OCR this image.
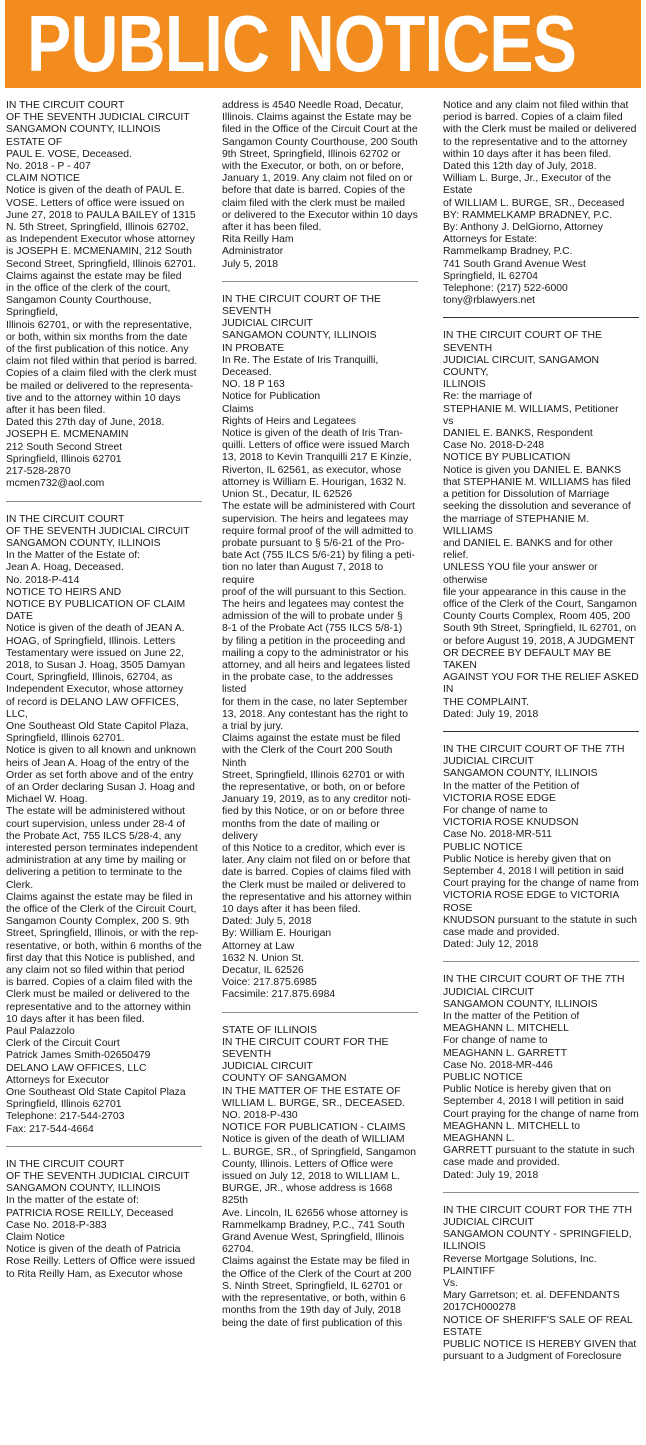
PUBLIC NOTICES

IN THE CIRCUIT COURT

OF THE SEVENTH JUDICIAL CIRCUIT

SANGAMON COUNTY, ILLINOIS

ESTATE OF

PAUL E. VOSE, Deceased.

No. 2018 - P - 407

CLAIM NOTICE

Notice is given of the death of PAUL E.

VOSE. Letters of office were issued on

June 27, 2018 to PAULA BAILEY of 1315

N. 5th Street, Springfield, Illinois 62702,

as Independent Executor whose attorney

is JOSEPH E. MCMENAMIN, 212 South

Second Street, Springfield, Illinois 62701.

Claims against the estate may be filed

in the office of the clerk of the court,

Sangamon County Courthouse, Springfield,

Illinois 62701, or with the representative,

or both, within six months from the date

of the first publication of this notice. Any

claim not filed within that period is barred.

Copies of a claim filed with the clerk must

be mailed or delivered to the representa-

tive and to the attorney within 10 days

after it has been filed.

Dated this 27th day of June, 2018.

JOSEPH E. MCMENAMIN

212 South Second Street

Springfield, Illinois 62701

217-528-2870

mcmen732@aol.com

IN THE CIRCUIT COURT

OF THE SEVENTH JUDICIAL CIRCUIT

SANGAMON COUNTY, ILLINOIS

In the Matter of the Estate of:

Jean A. Hoag, Deceased.

No. 2018-P-414

NOTICE TO HEIRS AND

NOTICE BY PUBLICATION OF CLAIM DATE

Notice is given of the death of JEAN A.

HOAG, of Springfield, Illinois. Letters

Testamentary were issued on June 22,

2018, to Susan J. Hoag, 3505 Damyan

Court, Springfield, Illinois, 62704, as

Independent Executor, whose attorney

of record is DELANO LAW OFFICES, LLC,

One Southeast Old State Capitol Plaza,

Springfield, Illinois 62701.

Notice is given to all known and unknown

heirs of Jean A. Hoag of the entry of the

Order as set forth above and of the entry

of an Order declaring Susan J. Hoag and

Michael W. Hoag.

The estate will be administered without

court supervision, unless under 28-4 of

the Probate Act, 755 ILCS 5/28-4, any

interested person terminates independent

administration at any time by mailing or

delivering a petition to terminate to the

Clerk.

Claims against the estate may be filed in

the office of the Clerk of the Circuit Court,

Sangamon County Complex, 200 S. 9th

Street, Springfield, Illinois, or with the rep-

resentative, or both, within 6 months of the

first day that this Notice is published, and

any claim not so filed within that period

is barred. Copies of a claim filed with the

Clerk must be mailed or delivered to the

representative and to the attorney within

10 days after it has been filed.

Paul Palazzolo

Clerk of the Circuit Court

Patrick James Smith-02650479

DELANO LAW OFFICES, LLC

Attorneys for Executor

One Southeast Old State Capitol Plaza

Springfield, Illinois 62701

Telephone: 217-544-2703

Fax: 217-544-4664

IN THE CIRCUIT COURT

OF THE SEVENTH JUDICIAL CIRCUIT

SANGAMON COUNTY, ILLINOIS

In the matter of the estate of:

PATRICIA ROSE REILLY, Deceased

Case No. 2018-P-383

Claim Notice

Notice is given of the death of Patricia

Rose Reilly. Letters of Office were issued

to Rita Reilly Ham, as Executor whose

address is 4540 Needle Road, Decatur,

Illinois. Claims against the Estate may be

filed in the Office of the Circuit Court at the

Sangamon County Courthouse, 200 South

9th Street, Springfield, Illinois 62702 or

with the Executor, or both, on or before,

January 1, 2019. Any claim not filed on or

before that date is barred. Copies of the

claim filed with the clerk must be mailed

or delivered to the Executor within 10 days

after it has been filed.

Rita Reilly Ham

Administrator

July 5, 2018

IN THE CIRCUIT COURT OF THE SEVENTH

JUDICIAL CIRCUIT

SANGAMON COUNTY, ILLINOIS

IN PROBATE

In Re. The Estate of Iris Tranquilli,

Deceased.

NO. 18 P 163

Notice for Publication

Claims

Rights of Heirs and Legatees

Notice is given of the death of Iris Tran-

quilli. Letters of office were issued March

13, 2018 to Kevin Tranquilli 217 E Kinzie,

Riverton, IL 62561, as executor, whose

attorney is William E. Hourigan, 1632 N.

Union St., Decatur, IL 62526

The estate will be administered with Court

supervision. The heirs and legatees may

require formal proof of the will admitted to

probate pursuant to § 5/6-21 of the Pro-

bate Act (755 ILCS 5/6-21) by filing a peti-

tion no later than August 7, 2018 to require

proof of the will pursuant to this Section.

The heirs and legatees may contest the

admission of the will to probate under §

8-1 of the Probate Act (755 ILCS 5/8-1)

by filing a petition in the proceeding and

mailing a copy to the administrator or his

attorney, and all heirs and legatees listed

in the probate case, to the addresses listed

for them in the case, no later September

13, 2018. Any contestant has the right to

a trial by jury.

Claims against the estate must be filed

with the Clerk of the Court 200 South Ninth

Street, Springfield, Illinois 62701 or with

the representative, or both, on or before

January 19, 2019, as to any creditor noti-

fied by this Notice, or on or before three

months from the date of mailing or delivery

of this Notice to a creditor, which ever is

later. Any claim not filed on or before that

date is barred. Copies of claims filed with

the Clerk must be mailed or delivered to

the representative and his attorney within

10 days after it has been filed.

Dated: July 5, 2018

By: William E. Hourigan

Attorney at Law

1632 N. Union St.

Decatur, IL 62526

Voice: 217.875.6985

Facsimile: 217.875.6984

STATE OF ILLINOIS

IN THE CIRCUIT COURT FOR THE SEVENTH

JUDICIAL CIRCUIT

COUNTY OF SANGAMON

IN THE MATTER OF THE ESTATE OF

WILLIAM L. BURGE, SR., DECEASED.

NO. 2018-P-430

NOTICE FOR PUBLICATION - CLAIMS

Notice is given of the death of WILLIAM

L. BURGE, SR., of Springfield, Sangamon

County, Illinois. Letters of Office were

issued on July 12, 2018 to WILLIAM L.

BURGE, JR., whose address is 1668 825th

Ave. Lincoln, IL 62656 whose attorney is

Rammelkamp Bradney, P.C., 741 South

Grand Avenue West, Springfield, Illinois

62704.

Claims against the Estate may be filed in

the Office of the Clerk of the Court at 200

S. Ninth Street, Springfield, IL 62701 or

with the representative, or both, within 6

months from the 19th day of July, 2018

being the date of first publication of this

Notice and any claim not filed within that

period is barred. Copies of a claim filed

with the Clerk must be mailed or delivered

to the representative and to the attorney

within 10 days after it has been filed.

Dated this 12th day of July, 2018.

William L. Burge, Jr., Executor of the Estate

of WILLIAM L. BURGE, SR., Deceased

BY: RAMMELKAMP BRADNEY, P.C.

By: Anthony J. DelGiorno, Attorney

Attorneys for Estate:

Rammelkamp Bradney, P.C.

741 South Grand Avenue West

Springfield, IL 62704

Telephone: (217) 522-6000

tony@rblawyers.net

IN THE CIRCUIT COURT OF THE SEVENTH

JUDICIAL CIRCUIT, SANGAMON COUNTY,

ILLINOIS

Re: the marriage of

STEPHANIE M. WILLIAMS, Petitioner

vs

DANIEL E. BANKS, Respondent

Case No. 2018-D-248

NOTICE BY PUBLICATION

Notice is given you DANIEL E. BANKS

that STEPHANIE M. WILLIAMS has filed

a petition for Dissolution of Marriage

seeking the dissolution and severance of

the marriage of STEPHANIE M. WILLIAMS

and DANIEL E. BANKS and for other relief.

UNLESS YOU file your answer or otherwise

file your appearance in this cause in the

office of the Clerk of the Court, Sangamon

County Courts Complex, Room 405, 200

South 9th Street, Springfield, IL 62701, on

or before August 19, 2018, A JUDGMENT

OR DECREE BY DEFAULT MAY BE TAKEN

AGAINST YOU FOR THE RELIEF ASKED IN

THE COMPLAINT.

Dated: July 19, 2018

IN THE CIRCUIT COURT OF THE 7TH

JUDICIAL CIRCUIT

SANGAMON COUNTY, ILLINOIS

In the matter of the Petition of

VICTORIA ROSE EDGE

For change of name to

VICTORIA ROSE KNUDSON

Case No. 2018-MR-511

PUBLIC NOTICE

Public Notice is hereby given that on

September 4, 2018 I will petition in said

Court praying for the change of name from

VICTORIA ROSE EDGE to VICTORIA ROSE

KNUDSON pursuant to the statute in such

case made and provided.

Dated: July 12, 2018

IN THE CIRCUIT COURT OF THE 7TH

JUDICIAL CIRCUIT

SANGAMON COUNTY, ILLINOIS

In the matter of the Petition of

MEAGHANN L. MITCHELL

For change of name to

MEAGHANN L. GARRETT

Case No. 2018-MR-446

PUBLIC NOTICE

Public Notice is hereby given that on

September 4, 2018 I will petition in said

Court praying for the change of name from

MEAGHANN L. MITCHELL to MEAGHANN L.

GARRETT pursuant to the statute in such

case made and provided.

Dated: July 19, 2018

IN THE CIRCUIT COURT FOR THE 7TH

JUDICIAL CIRCUIT

SANGAMON COUNTY - SPRINGFIELD,

ILLINOIS

Reverse Mortgage Solutions, Inc.

PLAINTIFF

Vs.

Mary Garretson; et. al. DEFENDANTS

2017CH000278

NOTICE OF SHERIFF'S SALE OF REAL

ESTATE

PUBLIC NOTICE IS HEREBY GIVEN that

pursuant to a Judgment of Foreclosure
